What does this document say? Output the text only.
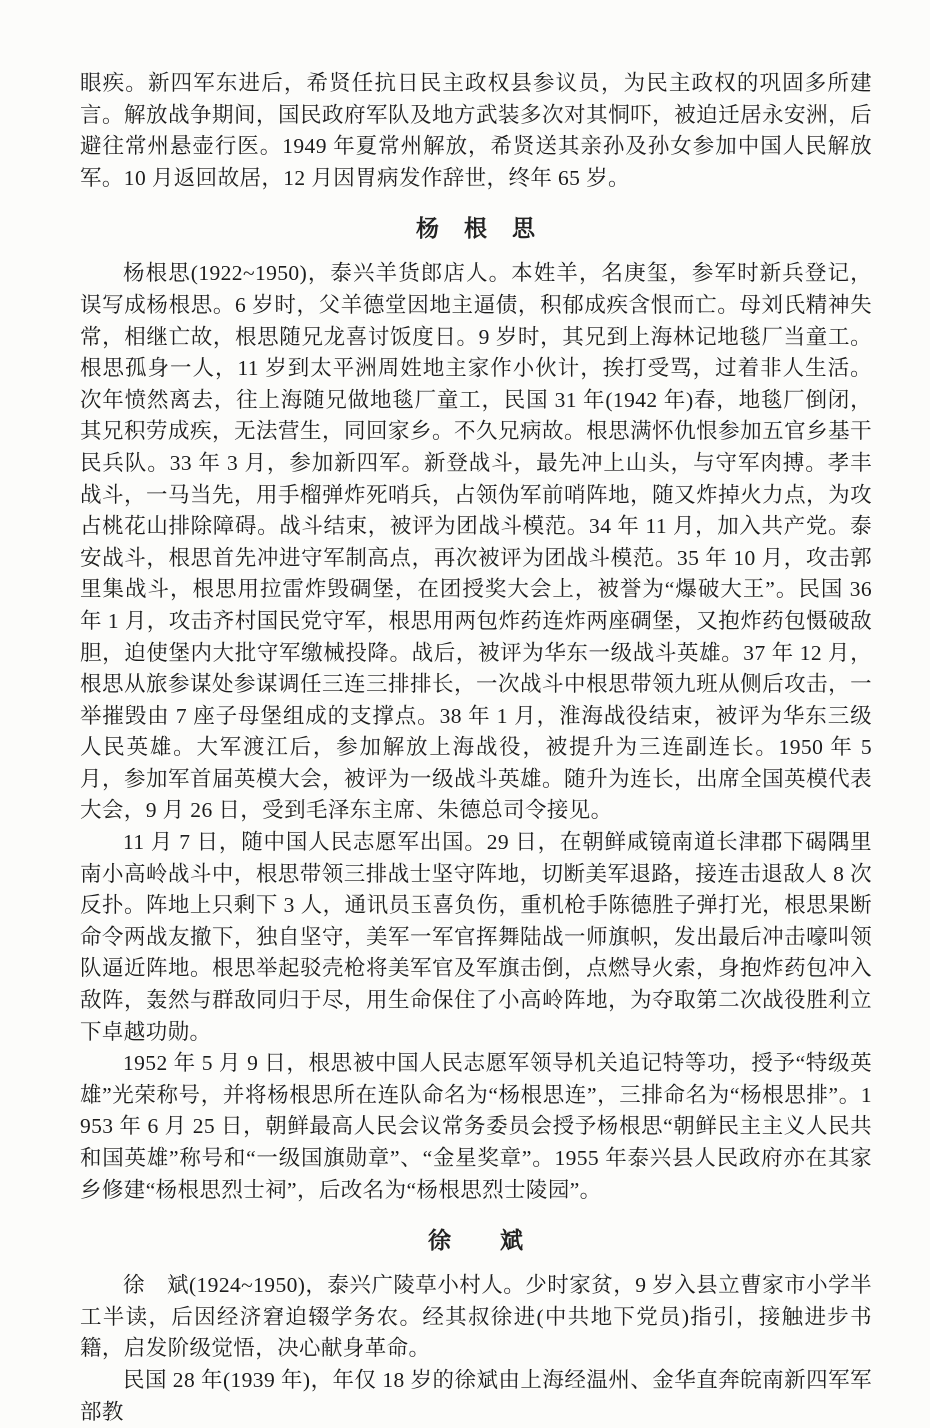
眼疾。新四军东进后，希贤任抗日民主政权县参议员，为民主政权的巩固多所建言。解放战争期间，国民政府军队及地方武装多次对其恫吓，被迫迁居永安洲，后避往常州悬壶行医。1949 年夏常州解放，希贤送其亲孙及孙女参加中国人民解放军。10 月返回故居，12 月因胃病发作辞世，终年 65 岁。

杨　根　思

杨根思(1922~1950)，泰兴羊货郎店人。本姓羊，名庚玺，参军时新兵登记，误写成杨根思。6 岁时，父羊德堂因地主逼债，积郁成疾含恨而亡。母刘氏精神失常，相继亡故，根思随兄龙喜讨饭度日。9 岁时，其兄到上海林记地毯厂当童工。根思孤身一人，11 岁到太平洲周姓地主家作小伙计，挨打受骂，过着非人生活。次年愤然离去，往上海随兄做地毯厂童工，民国 31 年(1942 年)春，地毯厂倒闭，其兄积劳成疾，无法营生，同回家乡。不久兄病故。根思满怀仇恨参加五官乡基干民兵队。33 年 3 月，参加新四军。新登战斗，最先冲上山头，与守军肉搏。孝丰战斗，一马当先，用手榴弹炸死哨兵，占领伪军前哨阵地，随又炸掉火力点，为攻占桃花山排除障碍。战斗结束，被评为团战斗模范。34 年 11 月，加入共产党。泰安战斗，根思首先冲进守军制高点，再次被评为团战斗模范。35 年 10 月，攻击郭里集战斗，根思用拉雷炸毁碉堡，在团授奖大会上，被誉为“爆破大王”。民国 36 年 1 月，攻击齐村国民党守军，根思用两包炸药连炸两座碉堡，又抱炸药包慑破敌胆，迫使堡内大批守军缴械投降。战后，被评为华东一级战斗英雄。37 年 12 月，根思从旅参谋处参谋调任三连三排排长，一次战斗中根思带领九班从侧后攻击，一举摧毁由 7 座子母堡组成的支撑点。38 年 1 月，淮海战役结束，被评为华东三级人民英雄。大军渡江后，参加解放上海战役，被提升为三连副连长。1950 年 5 月，参加军首届英模大会，被评为一级战斗英雄。随升为连长，出席全国英模代表大会，9 月 26 日，受到毛泽东主席、朱德总司令接见。

11 月 7 日，随中国人民志愿军出国。29 日，在朝鲜咸镜南道长津郡下碣隅里南小高岭战斗中，根思带领三排战士坚守阵地，切断美军退路，接连击退敌人 8 次反扑。阵地上只剩下 3 人，通讯员玉喜负伤，重机枪手陈德胜子弹打光，根思果断命令两战友撤下，独自坚守，美军一军官挥舞陆战一师旗帜，发出最后冲击嚎叫领队逼近阵地。根思举起驳壳枪将美军官及军旗击倒，点燃导火索，身抱炸药包冲入敌阵，轰然与群敌同归于尽，用生命保住了小高岭阵地，为夺取第二次战役胜利立下卓越功勋。

1952 年 5 月 9 日，根思被中国人民志愿军领导机关追记特等功，授予“特级英雄”光荣称号，并将杨根思所在连队命名为“杨根思连”，三排命名为“杨根思排”。1953 年 6 月 25 日，朝鲜最高人民会议常务委员会授予杨根思“朝鲜民主主义人民共和国英雄”称号和“一级国旗勋章”、“金星奖章”。1955 年泰兴县人民政府亦在其家乡修建“杨根思烈士祠”，后改名为“杨根思烈士陵园”。

徐　　斌

徐　斌(1924~1950)，泰兴广陵草小村人。少时家贫，9 岁入县立曹家市小学半工半读，后因经济窘迫辍学务农。经其叔徐进(中共地下党员)指引，接触进步书籍，启发阶级觉悟，决心献身革命。

民国 28 年(1939 年)，年仅 18 岁的徐斌由上海经温州、金华直奔皖南新四军军部教
